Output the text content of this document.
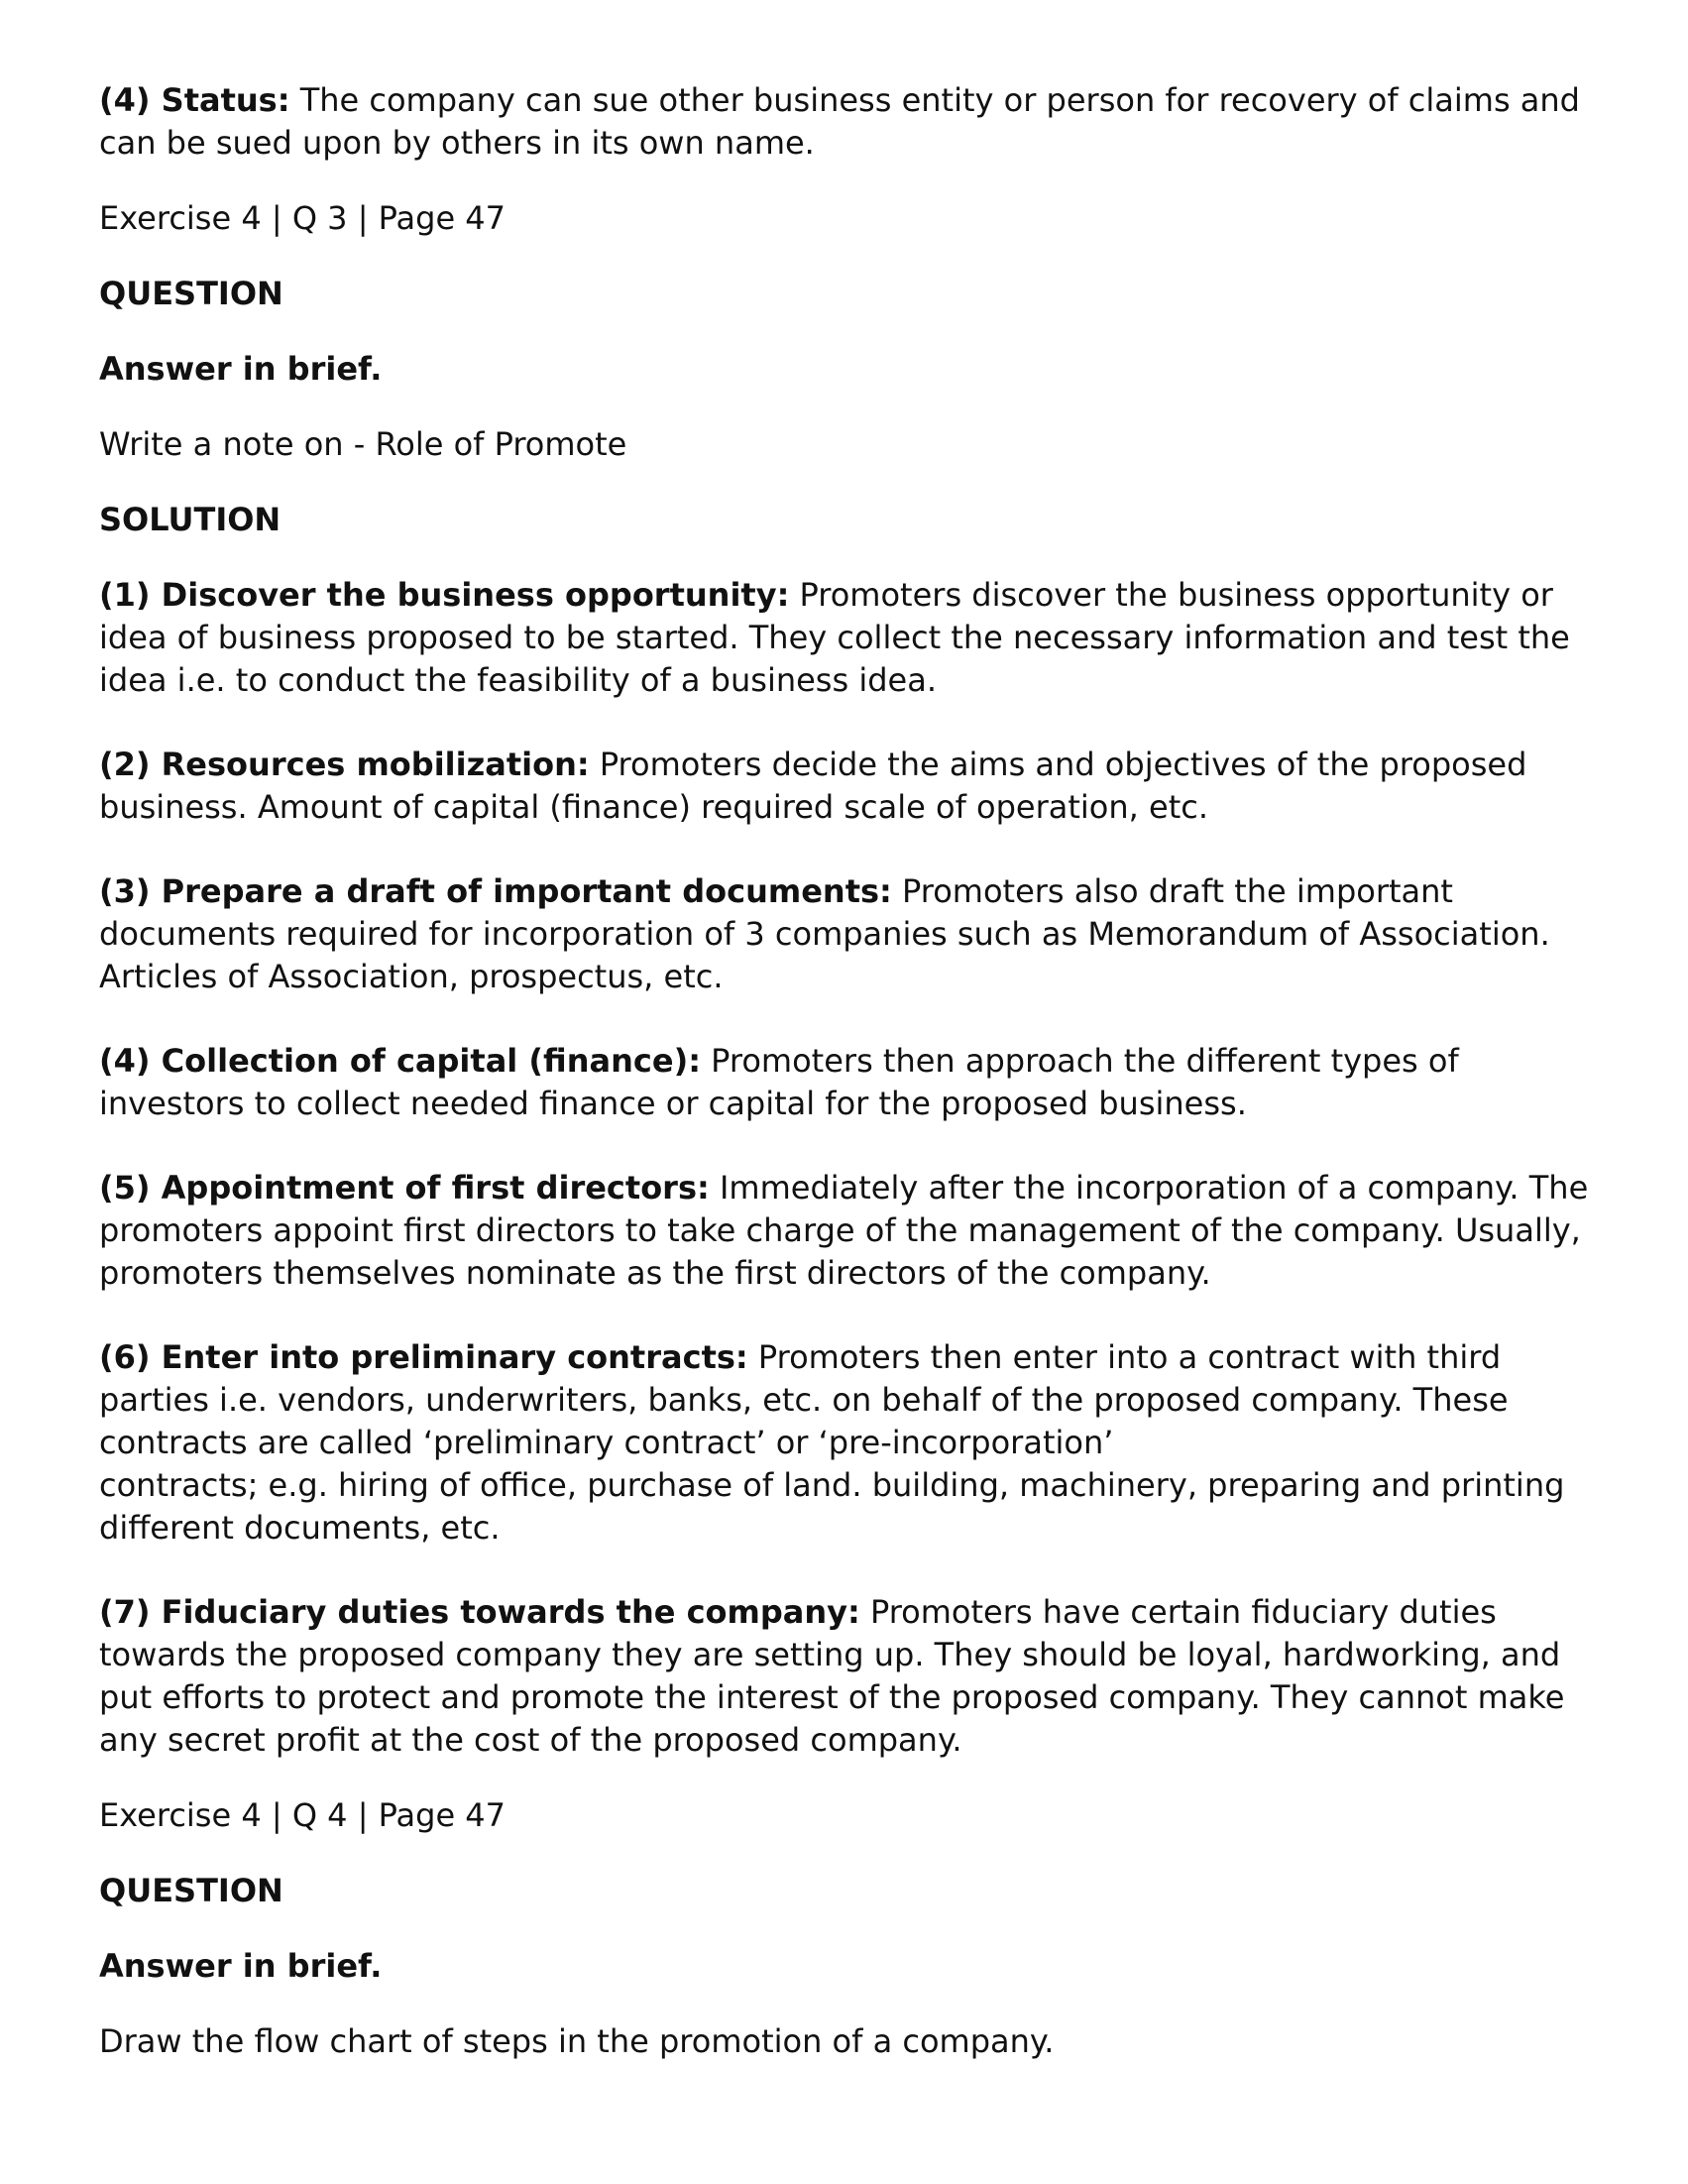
(4) Status: The company can sue other business entity or person for recovery of claims and can be sued upon by others in its own name.

Exercise 4 | Q 3 | Page 47

QUESTION

Answer in brief.

Write a note on - Role of Promote

SOLUTION

(1) Discover the business opportunity: Promoters discover the business opportunity or idea of business proposed to be started. They collect the necessary information and test the idea i.e. to conduct the feasibility of a business idea.

(2) Resources mobilization: Promoters decide the aims and objectives of the proposed business. Amount of capital (finance) required scale of operation, etc.

(3) Prepare a draft of important documents: Promoters also draft the important documents required for incorporation of 3 companies such as Memorandum of Association. Articles of Association, prospectus, etc.

(4) Collection of capital (finance): Promoters then approach the different types of investors to collect needed finance or capital for the proposed business.

(5) Appointment of first directors: Immediately after the incorporation of a company. The promoters appoint first directors to take charge of the management of the company. Usually, promoters themselves nominate as the first directors of the company.

(6) Enter into preliminary contracts: Promoters then enter into a contract with third parties i.e. vendors, underwriters, banks, etc. on behalf of the proposed company. These contracts are called ‘preliminary contract’ or ‘pre-incorporation’
contracts; e.g. hiring of office, purchase of land. building, machinery, preparing and printing different documents, etc.

(7) Fiduciary duties towards the company: Promoters have certain fiduciary duties towards the proposed company they are setting up. They should be loyal, hardworking, and put efforts to protect and promote the interest of the proposed company. They cannot make any secret profit at the cost of the proposed company.

Exercise 4 | Q 4 | Page 47

QUESTION

Answer in brief.

Draw the flow chart of steps in the promotion of a company.
